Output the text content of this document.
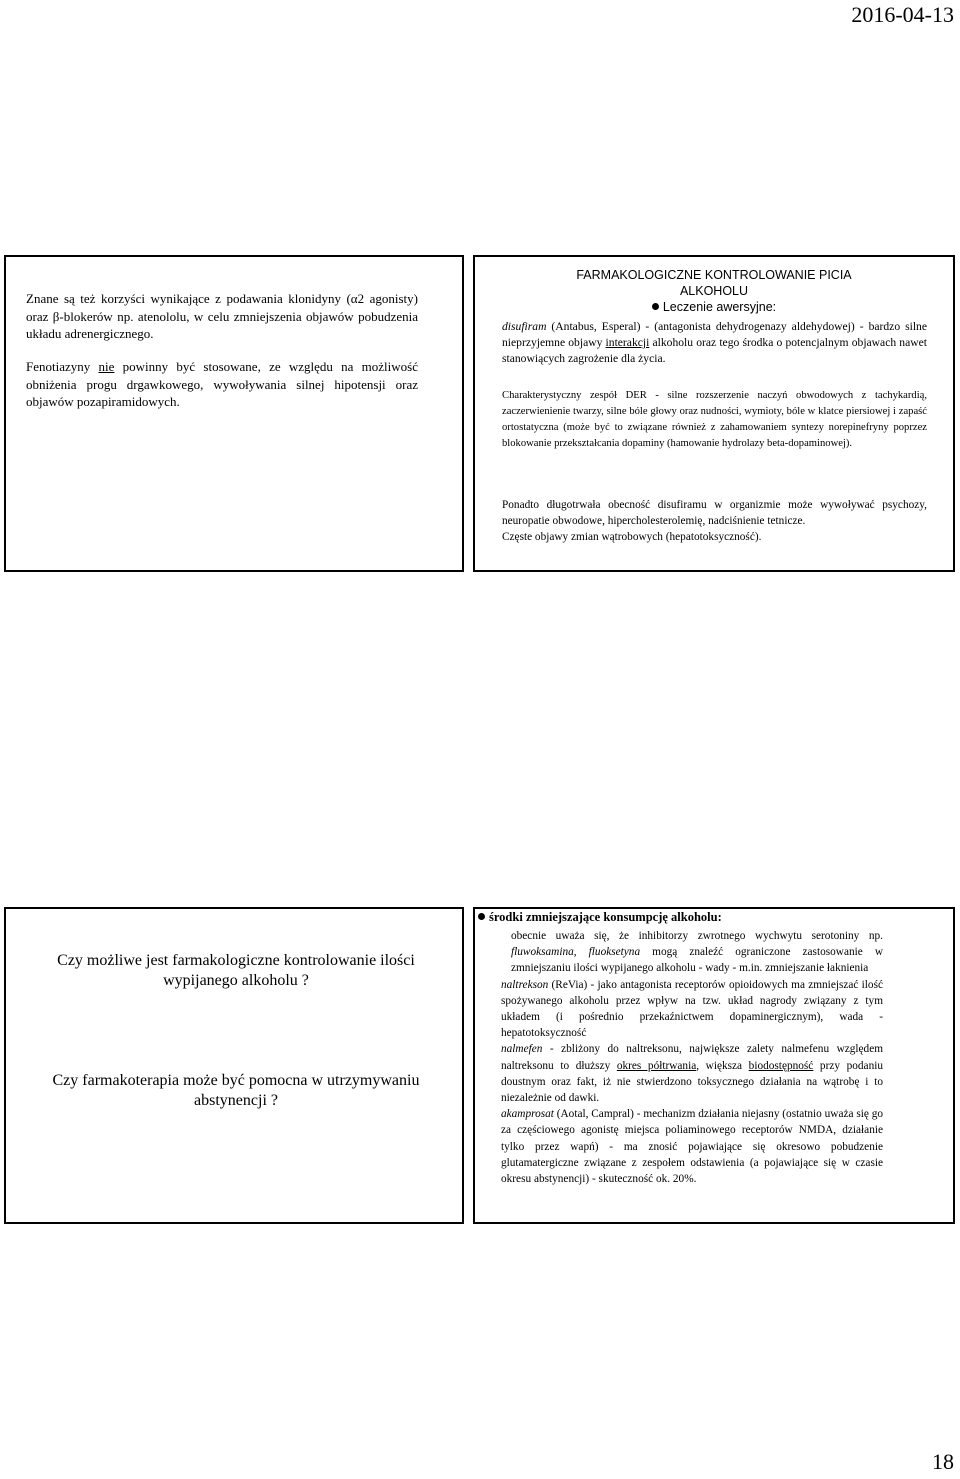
2016-04-13
Znane są też korzyści wynikające z podawania klonidyny (α2 agonisty) oraz β-blokerów np. atenololu, w celu zmniejszenia objawów pobudzenia układu adrenergicznego.
Fenotiazyny nie powinny być stosowane, ze względu na możliwość obniżenia progu drgawkowego, wywoływania silnej hipotensji oraz objawów pozapiramidowych.
FARMAKOLOGICZNE KONTROLOWANIE PICIA
ALKOHOLU
Leczenie awersyjne:
disufiram (Antabus, Esperal) - (antagonista dehydrogenazy aldehydowej) - bardzo silne nieprzyjemne objawy interakcji alkoholu oraz tego środka o potencjalnym objawach nawet stanowiących zagrożenie dla życia.
Charakterystyczny zespół DER - silne rozszerzenie naczyń obwodowych z tachykardią, zaczerwienienie twarzy, silne bóle głowy oraz nudności, wymioty, bóle w klatce piersiowej i zapaść ortostatyczna (może być to związane również z zahamowaniem syntezy norepinefryny poprzez blokowanie przekształcania dopaminy (hamowanie hydrolazy beta-dopaminowej).

Ponadto długotrwała obecność disufiramu w organizmie może wywoływać psychozy, neuropatie obwodowe, hipercholesterolemię, nadciśnienie tetnicze.

Częste objawy zmian wątrobowych (hepatotoksyczność).

Czy możliwe jest farmakologiczne kontrolowanie ilości wypijanego alkoholu ?
Czy farmakoterapia może być pomocna w utrzymywaniu abstynencji ?
środki zmniejszające konsumpcję alkoholu:

obecnie uważa się, że inhibitorzy zwrotnego wychwytu serotoniny np. fluwoksamina, fluoksetyna mogą znaleźć ograniczone zastosowanie w zmniejszaniu ilości wypijanego alkoholu - wady - m.in. zmniejszanie łaknienia

naltrekson (ReVia) - jako antagonista receptorów opioidowych ma zmniejszać ilość spożywanego alkoholu przez wpływ na tzw. układ nagrody związany z tym układem (i pośrednio przekaźnictwem dopaminergicznym), wada - hepatotoksyczność

nalmefen - zbliżony do naltreksonu, największe zalety nalmefenu względem naltreksonu to dłuższy okres półtrwania, większa biodostępność przy podaniu doustnym oraz fakt, iż nie stwierdzono toksycznego działania na wątrobę i to niezależnie od dawki.

akamprosat (Aotal, Campral) - mechanizm działania niejasny (ostatnio uważa się go za częściowego agonistę miejsca poliaminowego receptorów NMDA, działanie tylko przez wapń) - ma znosić pojawiające się okresowo pobudzenie glutamatergiczne związane z zespołem odstawienia (a pojawiające się w czasie okresu abstynencji) - skuteczność ok. 20%.

18
